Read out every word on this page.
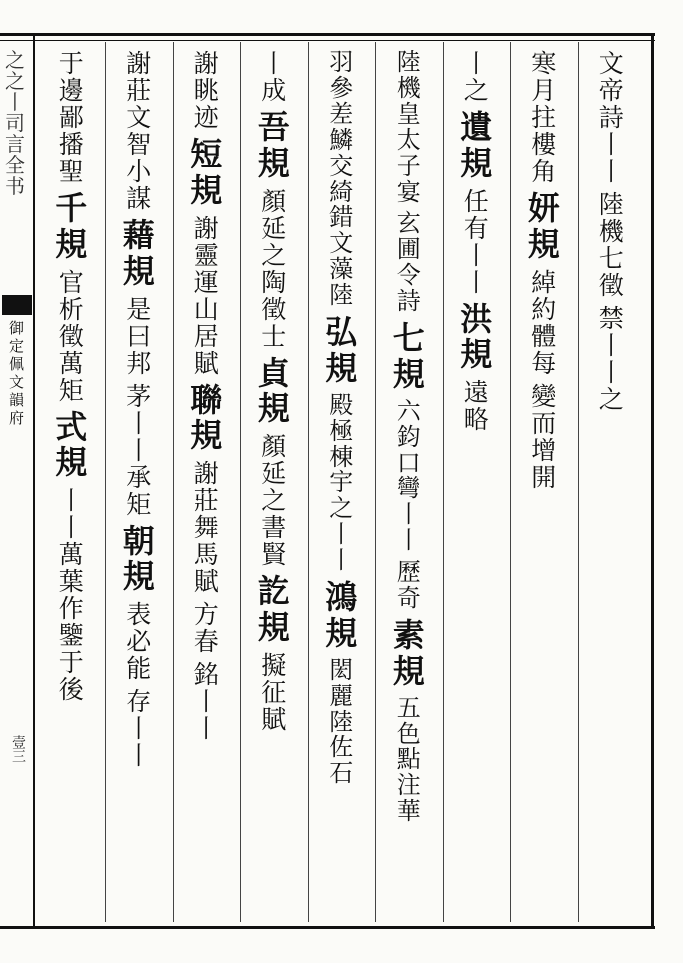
之
之
丨
司
言
全
书
御
定
佩
文
韻
府
壹三
文
帝
詩
丨
丨
陸
機
七
徵
禁
丨
丨
之
寒
月
拄
樓
角
妍
規
綽
約
體
每
變
而
增
開
丨
之
遺
規
任
有
丨
丨
洪
規
遠
略
陸
機
皇
太
子
宴
玄
圃
令
詩
七
規
六
鈞
口
彎
丨
丨
歷
奇
素
規
五
色
點
注
華
羽
參
差
鱗
交
綺
錯
文
藻
陸
弘
規
殿
極
棟
宇
之
丨
丨
鴻
規
閎
麗
陸
佐
石
丨
成
吾
規
顏
延
之
陶
徵
士
貞
規
顏
延
之
書
賢
訖
規
擬
征
賦
謝
眺
迹
短
規
謝
靈
運
山
居
賦
聯
規
謝
莊
舞
馬
賦
方
春
銘
丨
丨
謝
莊
文
智
小
謀
藉
規
是
曰
邦
茅
丨
丨
承
矩
朝
規
表
必
能
存
丨
丨
于
邊
鄙
播
聖
千
規
官
析
徵
萬
矩
式
規
丨
丨
萬
葉
作
鑒
于
後
